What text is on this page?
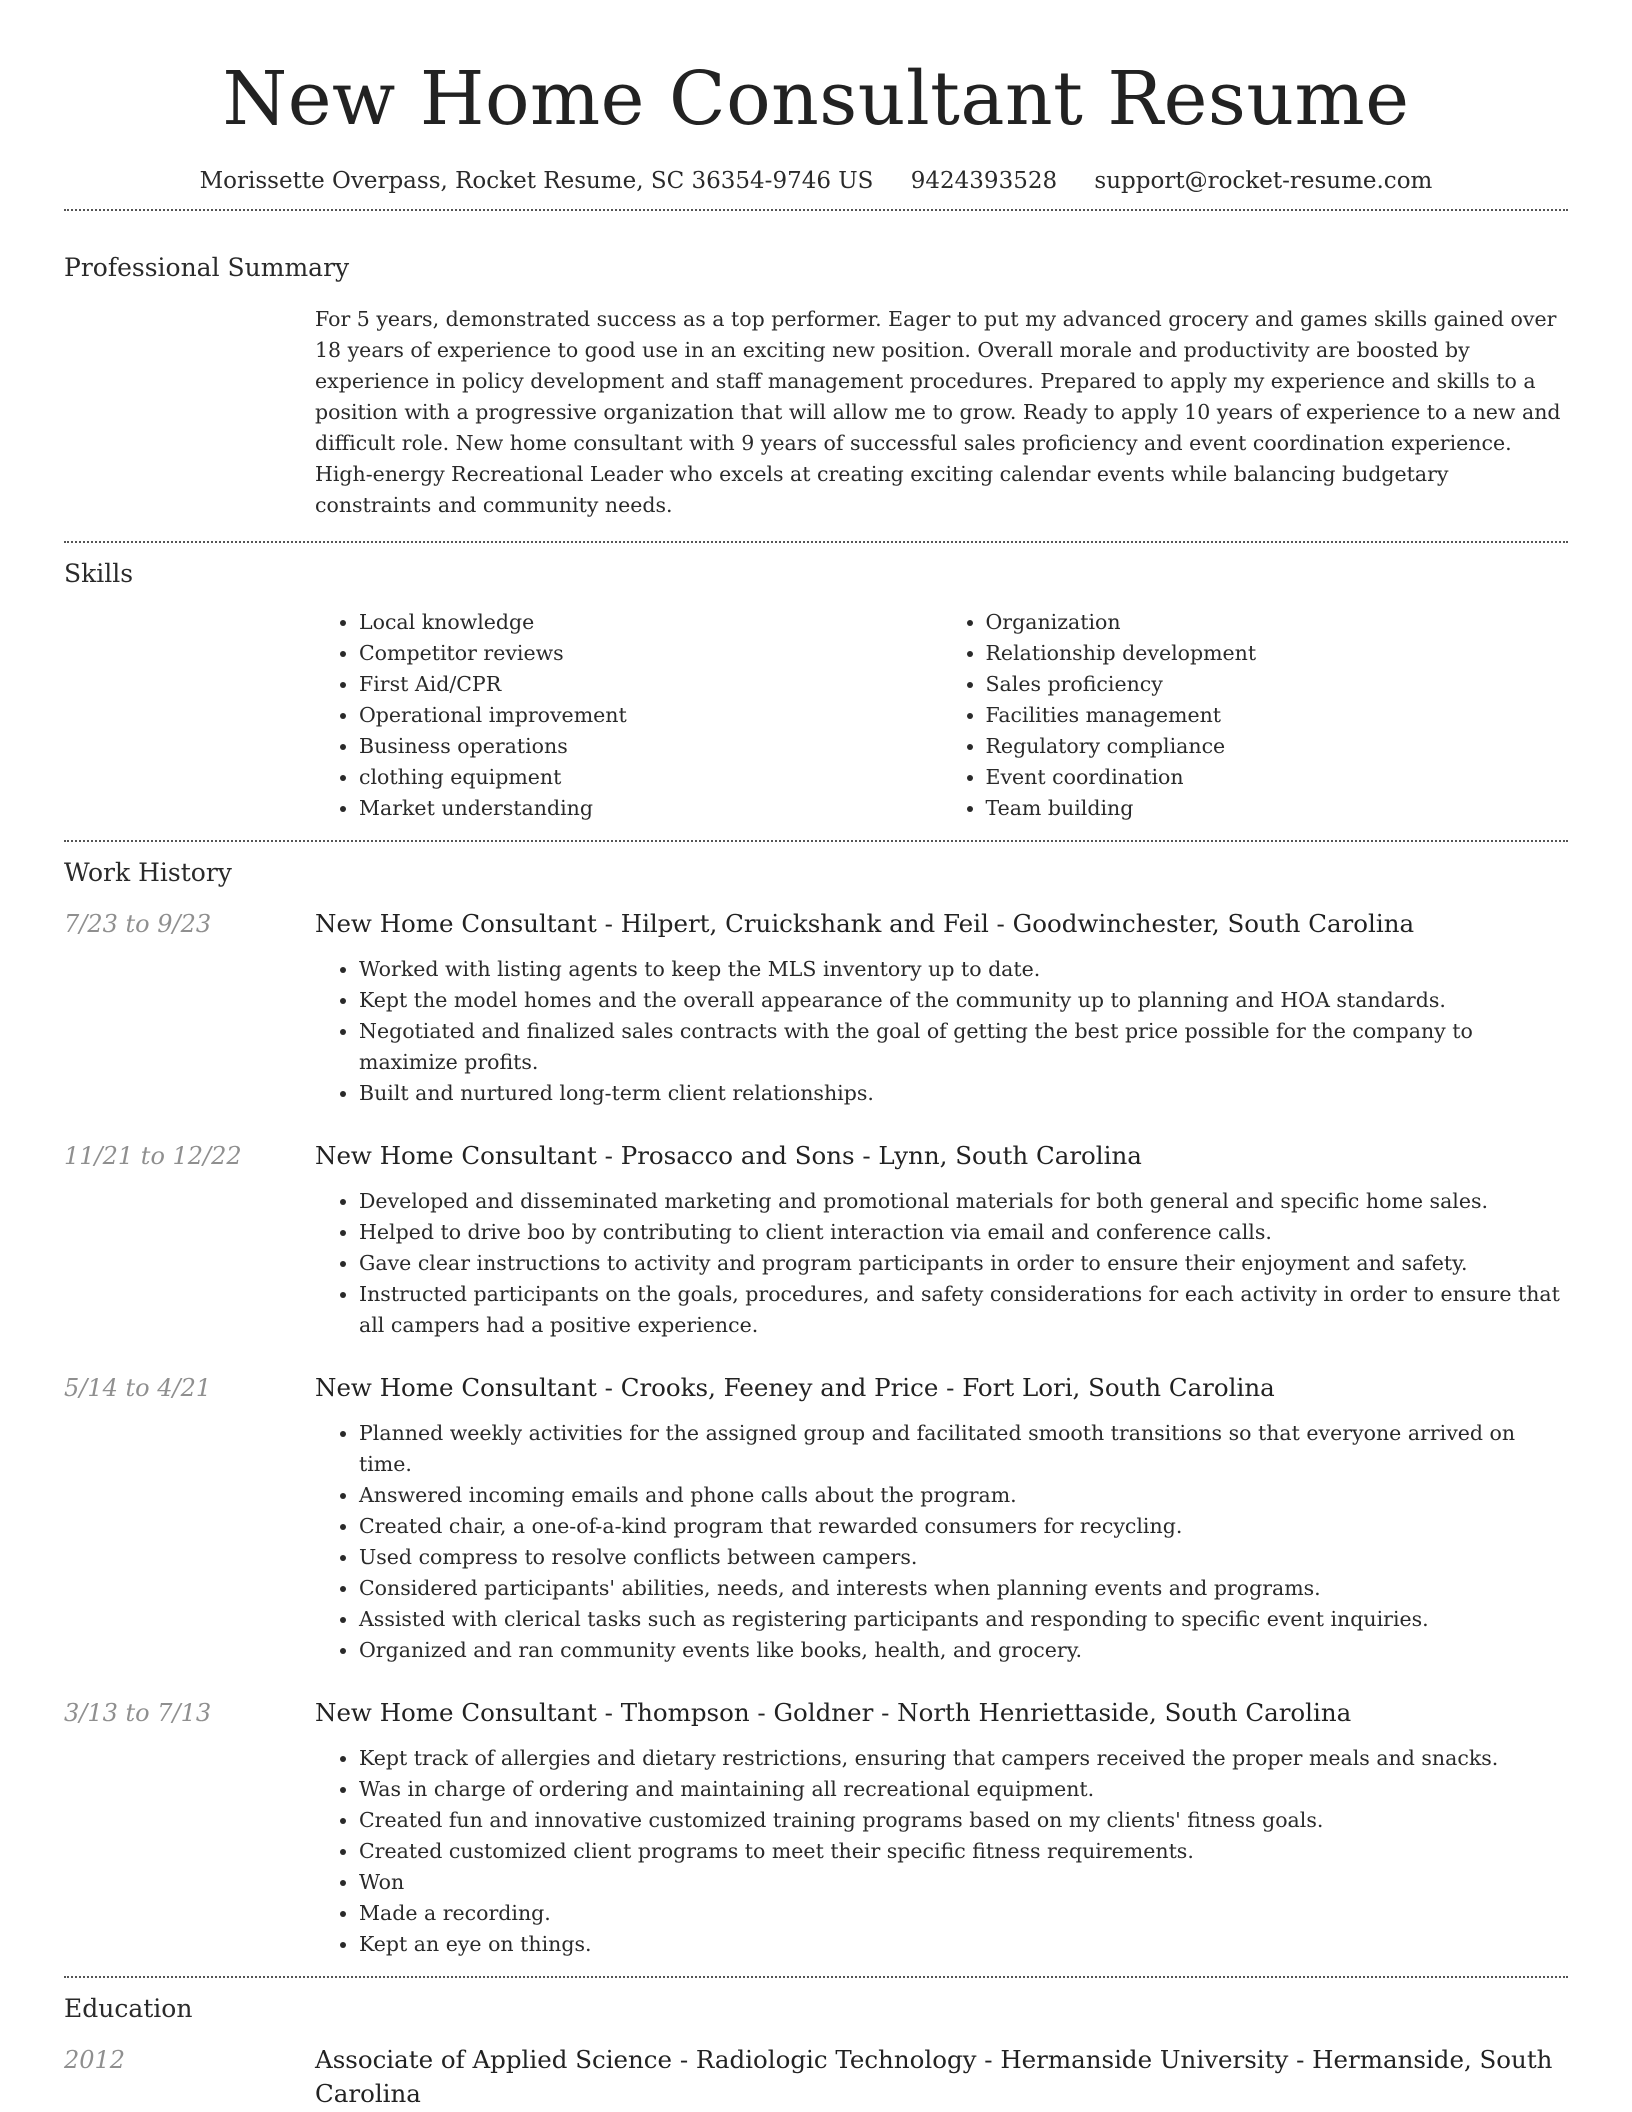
New Home Consultant Resume
Morissette Overpass, Rocket Resume, SC 36354-9746 US 9424393528 support@rocket-resume.com
Professional Summary

For 5 years, demonstrated success as a top performer. Eager to put my advanced grocery and games skills gained over 18 years of experience to good use in an exciting new position. Overall morale and productivity are boosted by experience in policy development and staff management procedures. Prepared to apply my experience and skills to a position with a progressive organization that will allow me to grow. Ready to apply 10 years of experience to a new and difficult role. New home consultant with 9 years of successful sales proficiency and event coordination experience. High-energy Recreational Leader who excels at creating exciting calendar events while balancing budgetary constraints and community needs.

Skills
• Local knowledge
• Competitor reviews
• First Aid/CPR
• Operational improvement
• Business operations
• clothing equipment
• Market understanding
• Organization
• Relationship development
• Sales proficiency
• Facilities management
• Regulatory compliance
• Event coordination
• Team building
Work History
7/23 to 9/23	New Home Consultant - Hilpert, Cruickshank and Feil - Goodwinchester, South Carolina
• Worked with listing agents to keep the MLS inventory up to date.
• Kept the model homes and the overall appearance of the community up to planning and HOA standards.
• Negotiated and finalized sales contracts with the goal of getting the best price possible for the company to maximize profits.
• Built and nurtured long-term client relationships.
11/21 to 12/22	New Home Consultant - Prosacco and Sons - Lynn, South Carolina
• Developed and disseminated marketing and promotional materials for both general and specific home sales.
• Helped to drive boo by contributing to client interaction via email and conference calls.
• Gave clear instructions to activity and program participants in order to ensure their enjoyment and safety.
• Instructed participants on the goals, procedures, and safety considerations for each activity in order to ensure that all campers had a positive experience.
5/14 to 4/21	New Home Consultant - Crooks, Feeney and Price - Fort Lori, South Carolina
• Planned weekly activities for the assigned group and facilitated smooth transitions so that everyone arrived on time.
• Answered incoming emails and phone calls about the program.
• Created chair, a one-of-a-kind program that rewarded consumers for recycling.
• Used compress to resolve conflicts between campers.
• Considered participants' abilities, needs, and interests when planning events and programs.
• Assisted with clerical tasks such as registering participants and responding to specific event inquiries.
• Organized and ran community events like books, health, and grocery.
3/13 to 7/13	New Home Consultant - Thompson - Goldner - North Henriettaside, South Carolina
• Kept track of allergies and dietary restrictions, ensuring that campers received the proper meals and snacks.
• Was in charge of ordering and maintaining all recreational equipment.
• Created fun and innovative customized training programs based on my clients' fitness goals.
• Created customized client programs to meet their specific fitness requirements.
• Won
• Made a recording.
• Kept an eye on things.
Education
2012	Associate of Applied Science - Radiologic Technology - Hermanside University - Hermanside, South Carolina
